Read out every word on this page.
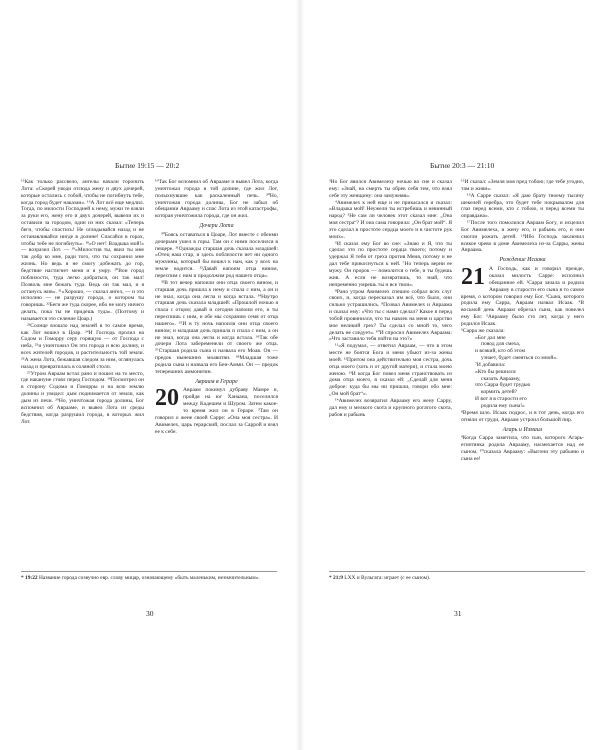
Бытие 19:15 — 20:2

¹⁵Как только рассвело, ангелы начали торопить Лота: «Скорей уводи отсюда жену и двух дочерей, которые остались с тобой, чтобы не погибнуть тебе, когда город будет наказан». ¹⁶А Лот всё еще медлил. Тогда, по милости Господней к нему, мужи те взяли за руки его, жену его и двух дочерей, вывели их и оставили за городом, один из них сказал: «Теперь беги, чтобы спастись! Не оглядывайся назад и не останавливайся нигде в долине! Спасайся в горах, чтобы тебе не погибнуть». ¹⁸«О нет! Владыка мой!» — возразил Лот. — ¹⁹«Милостив ты, явил ты мне так добр ко мне, ради того, что ты сохранил мне жизнь. Но ведь я не смогу добежать до гор, бедствие настигнет меня и я умру. ²⁰Вон город поблизости, туда легко добраться, он так мал! Позволь мне бежать туда. Ведь он так мал, и я останусь жив». ²¹«Хорошо, — сказал ангел, — и это исполню — не разрушу города, о котором ты говоришь. ²²Беги же туда скорее, ибо не могу ничего делать, пока ты не придешь туда». (Поэтому и называется это селение Цоар.)

²³Солнце взошло над землей в то самое время, как Лот вошел в Цоар. ²⁴И Господь пролил на Содом и Гоморру серу горящую — от Господа с неба, ²⁵и уничтожил Он эти города и всю долину, и всех жителей городов, и растительность той земли. ²⁶А жена Лота, бежавшая следом за ним, оглянулась назад и превратилась в соляной столп.

²⁷Утром Авраам встал рано и пошел на то место, где накануне стоял перед Господом. ²⁸Посмотрел он в сторону Содома и Гоморры и на всю землю долины и увидел: дым поднимается от земли, как дым из печи. ²⁹Но, уничтожая города долины, Бог вспомнил об Аврааме, и вывел Лота из среды бедствия, когда разрушил города, в которых жил Лот.

¹⁹Так Бог вспомнил об Аврааме и вывел Лота, когда уничтожал города в той долине, где жил Лот, полыхнувшие как раскаленный печь. ³⁰Но, уничтожая города долины, Бог не забыл об обещании Аврааму и спас Лота из этой катастрофы, которая уничтожила города, где он жил.

Дочери Лота

³⁰Боясь оставаться в Цоаре, Лот вместе с обеими дочерьми ушел в горы. Там он с ними поселился в пещере. ³¹Однажды старшая дочь сказала младшей: «Отец наш стар, и здесь поблизости нет ни одного мужчины, который бы вошел к нам, как у всех на земле водится. ³²Давай напоим отца вином, переспим с ним и продолжим род нашего отца».

³³В тот вечер напоили они отца своего вином, и старшая дочь пришла к нему и спала с ним, а он и не знал, когда она легла и когда встала. ³⁴Наутро старшая дочь сказала младшей: «Прошлой ночью я спала с отцом; давай и сегодня напоим его, и ты переспишь с ним, и обе мы сохраним семя от отца нашего». ³⁵И в ту ночь напоили они отца своего вином; и младшая дочь пришла и спала с ним, а он не знал, когда она легла и когда встала. ³⁶Так обе дочери Лота забеременели от своего же отца. ³⁷Старшая родила сына и назвала его Моав. Он — предок нынешних моавитян. ³⁸Младшая тоже родила сына и назвала его Бен-Амми. Он — предок теперешних аммонитян.

Авраам в Гераре
20 Авраам покинул дубраву Мамре и, пройдя на юг Ханаана, поселился между Кадешем и Шуром. Затем какое-то время жил он в Гераре. ²Там он говорил о жене своей Сарре: «Она моя сестра». И Авимелех, царь герарский, послал за Саррой и взял ее к себе.

* 19:22 Название города созвучно евр. слову мицар, означающему «быть маленьким, незначительным».
30
Бытие 20:3 — 21:10

³Но Бог явился Авимелеху ночью во сне и сказал ему: «Знай, на смерть ты обрек себя тем, что взял себе эту женщину: она замужняя».

⁴Авимелех к ней еще и не прикасался и сказал: «Владыка мой! Неужели ты истребишь и невинный народ? ⁵Не сам ли человек этот сказал мне: „Она моя сестра“? И она сама говорила: „Он брат мой“. Я это сделал в простоте сердца моего и в чистоте рук моих».

⁶И сказал ему Бог во сне: «Знаю и Я, что ты сделал это по простоте сердца твоего; потому и удержал Я тебя от греха против Меня, потому и не дал тебе прикоснуться к ней. ⁷Но теперь верни ее мужу. Он пророк — помолится о тебе, и ты будешь жив. А если не возвратишь, то знай, что непременно умрешь ты и все твои».

⁸Рано утром Авимелех спешно собрал всех слуг своих, и, когда пересказал им всё, что было, они сильно устрашились. ⁹Позвал Авимелех и Авраама и сказал ему: «Что ты с нами сделал? Какое я перед тобой провинился, что ты навлек на меня и царство мое великий грех? Ты сделал со мной то, чего делать не следует». ¹⁰И спросил Авимелех Авраама: «Что заставило тебя пойти на это?»

¹¹«Я подумал, — ответил Авраам, — что в этом месте не боятся Бога и меня убьют из-за жены моей. ¹²Притом она действительно моя сестра, дочь отца моего (хоть и от другой матери), и стала моею женою. ¹³И когда Бог повел меня странствовать из дома отца моего, я сказал ей: „Сделай для меня доброе: куда бы мы ни пришли, говори обо мне: „Он мой брат“».

¹⁴Авимелех возвратил Аврааму его жену Сарру, дал ему и мелкого скота и крупного рогатого скота, рабов и рабынь

¹⁵И сказал: «Земля моя пред тобою; где тебе угодно, там и живи».

¹⁶А Сарре сказал: «Я даю брату твоему тысячу шекелей серебра, это будет тебе покрывалом для глаз перед всеми, кто с тобою, и перед всеми ты оправдана».

¹⁷После того помолился Авраам Богу, и исцелил Бог Авимелеха, и жену его, и рабынь его, и они смогли рожать детей. ¹⁸Ибо Господь заключил всякое чрево в доме Авимелеха из-за Сарры, жены Авраама.

Рождение Исаака
21 А Господь, как и говорил прежде, оказал милость Сарре: исполнил обещанное ей. ²Сарра зачала и родила Аврааму в старости его сына в то самое время, о котором говорил ему Бог. ³Сына, которого родила ему Сарра, Авраам назвал Исаак. ⁴В восьмой день Авраам обрезал сына, как повелел ему Бог. ⁵Аврааму было сто лет, когда у него родился Исаак.

⁶Сарра же сказала:

«Бог дал мне
повод для смеха,
и всякий, кто об этом
узнает, будет смеяться со мной».
⁷И добавила:
«Кто бы решился
сказать Аврааму,
что Сарра будет грудью
кормить детей?
И вот я в старости его
родила ему сына!»

⁸Время шло. Исаак подрос, и в тот день, когда его отняли от груди, Авраам устроил большой пир.

Агарь и Измаил

⁹Когда Сарра заметила, что сын, которого Агарь-египтянка родила Аврааму, насмехается над ее сыном, ¹⁰сказала Аврааму: «Выгони эту рабыню и сына ее!

* 21:9 LXX и Вульгата: играет (с ее сыном).
31
